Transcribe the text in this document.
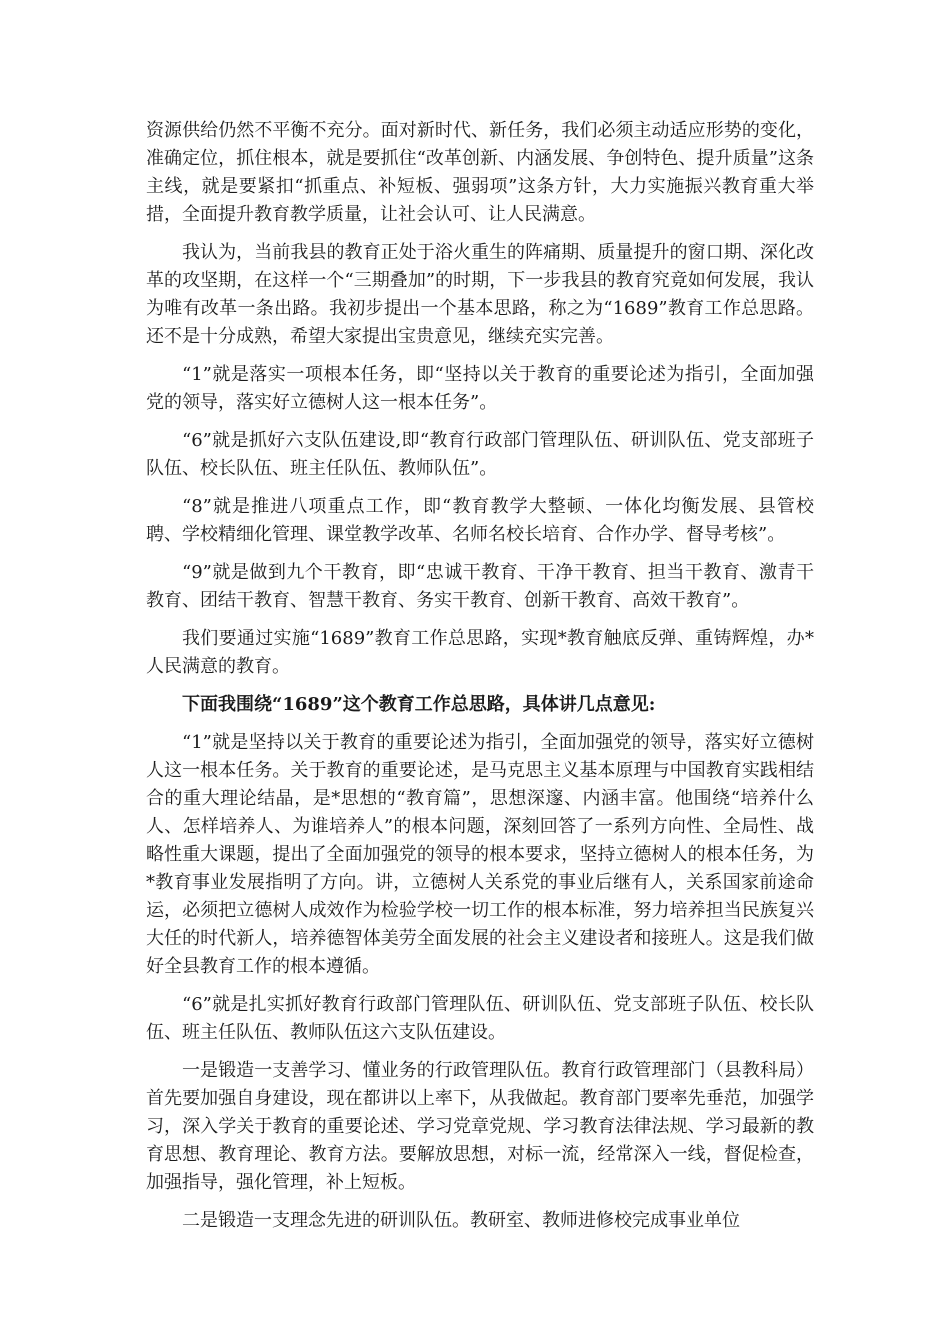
资源供给仍然不平衡不充分。面对新时代、新任务，我们必须主动适应形势的变化，准确定位，抓住根本，就是要抓住“改革创新、内涵发展、争创特色、提升质量”这条主线，就是要紧扣“抓重点、补短板、强弱项”这条方针，大力实施振兴教育重大举措，全面提升教育教学质量，让社会认可、让人民满意。

我认为，当前我县的教育正处于浴火重生的阵痛期、质量提升的窗口期、深化改革的攻坚期，在这样一个“三期叠加”的时期，下一步我县的教育究竟如何发展，我认为唯有改革一条出路。我初步提出一个基本思路，称之为“1689”教育工作总思路。还不是十分成熟，希望大家提出宝贵意见，继续充实完善。

“1”就是落实一项根本任务，即“坚持以关于教育的重要论述为指引，全面加强党的领导，落实好立德树人这一根本任务”。

“6”就是抓好六支队伍建设,即“教育行政部门管理队伍、研训队伍、党支部班子队伍、校长队伍、班主任队伍、教师队伍”。

“8”就是推进八项重点工作，即“教育教学大整顿、一体化均衡发展、县管校聘、学校精细化管理、课堂教学改革、名师名校长培育、合作办学、督导考核”。

“9”就是做到九个干教育，即“忠诚干教育、干净干教育、担当干教育、激青干教育、团结干教育、智慧干教育、务实干教育、创新干教育、高效干教育”。

我们要通过实施“1689”教育工作总思路，实现*教育触底反弹、重铸辉煌，办*人民满意的教育。

下面我围绕“1689”这个教育工作总思路，具体讲几点意见:

“1”就是坚持以关于教育的重要论述为指引，全面加强党的领导，落实好立德树人这一根本任务。关于教育的重要论述，是马克思主义基本原理与中国教育实践相结合的重大理论结晶，是*思想的“教育篇”，思想深邃、内涵丰富。他围绕“培养什么人、怎样培养人、为谁培养人”的根本问题，深刻回答了一系列方向性、全局性、战略性重大课题，提出了全面加强党的领导的根本要求，坚持立德树人的根本任务，为*教育事业发展指明了方向。讲，立德树人关系党的事业后继有人，关系国家前途命运，必须把立德树人成效作为检验学校一切工作的根本标准，努力培养担当民族复兴大任的时代新人，培养德智体美劳全面发展的社会主义建设者和接班人。这是我们做好全县教育工作的根本遵循。

“6”就是扎实抓好教育行政部门管理队伍、研训队伍、党支部班子队伍、校长队伍、班主任队伍、教师队伍这六支队伍建设。

一是锻造一支善学习、懂业务的行政管理队伍。教育行政管理部门（县教科局）首先要加强自身建设，现在都讲以上率下，从我做起。教育部门要率先垂范，加强学习，深入学关于教育的重要论述、学习党章党规、学习教育法律法规、学习最新的教育思想、教育理论、教育方法。要解放思想，对标一流，经常深入一线，督促检查，加强指导，强化管理，补上短板。

二是锻造一支理念先进的研训队伍。教研室、教师进修校完成事业单位
